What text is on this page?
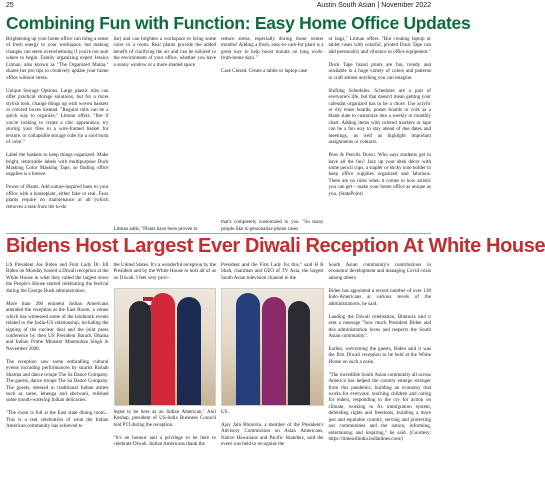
25	Austin South Asian | November 2022
Combining Fun with Function: Easy Home Office Updates

Brightening up your home office can bring a sense of fresh energy to your workspace, but making changes can seem overwhelming if you're not sure where to begin. Family organizing expert Jessica Litman, also known as "The Organized Mama," shares her pro tips to creatively update your home office without stress.

Unique Storage Options. Large plastic tubs can offer practical storage solutions, but for a more stylish look, change things up with woven baskets or colored boxes instead. "Regular tubs can be a quick way to organize," Litman offers. "But if you're looking to create a chic appearance, try storing your files in a wire-framed basket for texture, or collapsible storage cube for a cool burst of color."

Label the baskets to keep things organized. Make bright, removable labels with multipurpose Duck Masking Color Masking Tape, so finding office supplies is a breeze.

Power of Plants. Add nature-inspired hues to your office with a houseplant, either fake or real. Faux plants require no maintenance at all (which removes a task from the to-do

list) and can brighten a workspace to bring some color to a room. Real plants provide the added benefit of clarifying the air and can be tailored to the environment of your office, whether you have a sunny window or a more shaded space.

Litman adds, "Plants have been proven to

reduce stress, especially during those winter months! Adding a fresh, easy-to-care-for plant is a great way to help boost morale on long work-from-home days."

Case Closed. Create a tablet or laptop case

that's completely customized to you. "So many people like to personalize phone cases

or bags," Litman offers. "But creating laptop or tablet cases with colorful, printed Duck Tape can add personality and vibrance to office equipment."

Duck Tape brand prints are fun, trendy and available in a huge variety of colors and patterns to craft almost anything you can imagine.

Shifting Schedules. Schedules are a part of everyone's life, but that doesn't mean getting your calendar organized has to be a chore. Use acrylic or dry erase boards, poster boards or cork as a blank slate to customize into a weekly or monthly chart. Adding items with colored markers or tape can be a fun way to stay ahead of due dates and meetings, as well as highlight important assignments or contacts.

Pens & Pencils Down. Who says students get to have all the fun? Jazz up your desk décor with some pencil cups, a stapler or sticky note holder to keep office supplies organized and fabulous. There are no rules when it comes to how artistic you can get – make your home office as unique as you. (StatePoint)

Bidens Host Largest Ever Diwali Reception At White House

US President Joe Biden and First Lady Dr. Jill Biden on Monday hosted a Diwali reception at the White House in what they called the largest since the People's House started celebrating the festival during the George Bush administration.

More than 200 eminent Indian Americans attended the reception at the East Room, a venue which has witnessed some of the landmark events related to the India-US relationship, including the signing of the nuclear deal and the joint press conference by then US President Barack Obama and Indian Prime Minister Manmohan Singh in November 2008.

The reception saw some enthralling cultural events including performances by sitarist Rishab Sharma and dance troupe The Sa Dance Company. The guests, dance troupe The Sa Dance Company. The guests, dressed in traditional Indian attires such as saree, lehenga and sherwani, relished some mouth-watering Indian delicacies.

"The room is full at the East state dining room... This is a real celebration of what the Indian American community has achieved to

the United States. It's a wonderful reception by the President and by the White House to host all of us on Diwali. I feel very privi-

leged to be here as an Indian American," Anil Keshap, president of US-India Business Council told PTI during the reception.

"It's an honour and a privilege to be here to celebrate Diwali. Indian Americans thank the

President and the First Lady for this," said H R Shah, chairman and CEO of TV Asia, the largest South Asian television channel in the

US.

Ajay Jain Bhutoria, a member of the President's Advisory Commission on Asian Americans, Native Hawaiians and Pacific Islanders, said the event was held to recognise the

South Asian community's contributions in economic development and managing Covid crisis among others.

Biden has appointed a record number of over 130 Indo-Americans at various levels of the administrations, he said.

Lauding the Diwali celebration, Bhutoria said it sent a message "how much President Biden and this administration loves and respects the South Asian community".

Earlier, welcoming the guests, Biden said it was the first Diwali reception to be held at the White House on such a scale.

"The incredible South Asian community all across America has helped the country emerge stronger from this pandemic, building an economy that works for everyone, teaching children and caring for elders, responding to the cry for action on climate, working to fix immigration system, defending rights and freedoms, building a more just and equitable country, serving and protecting our communities and the nation, informing, entertaining and inspiring," he said. (Courtesy: https://timesofindia.indiatimes.com/)
